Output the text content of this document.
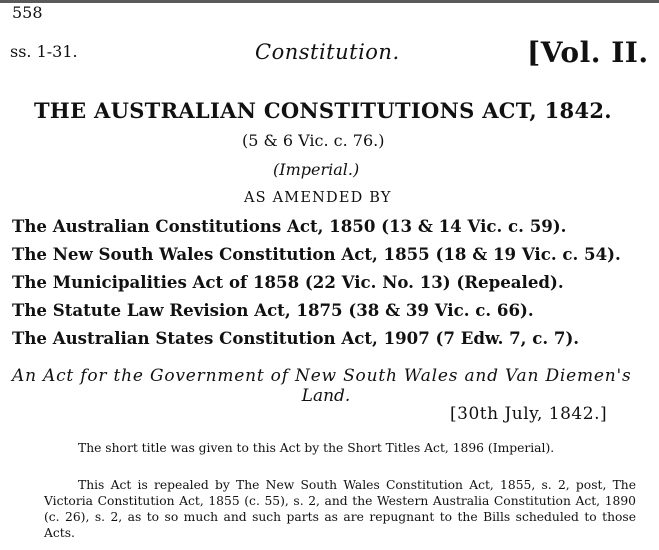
558
ss. 1-31.	Constitution.	[Vol. II.
THE AUSTRALIAN CONSTITUTIONS ACT, 1842.
(5 & 6 Vic. c. 76.)
(Imperial.)
AS AMENDED BY
The Australian Constitutions Act, 1850 (13 & 14 Vic. c. 59).
The New South Wales Constitution Act, 1855 (18 & 19 Vic. c. 54).
The Municipalities Act of 1858 (22 Vic. No. 13) (Repealed).
The Statute Law Revision Act, 1875 (38 & 39 Vic. c. 66).
The Australian States Constitution Act, 1907 (7 Edw. 7, c. 7).
An Act for the Government of New South Wales and Van Diemen's
Land.
[30th July, 1842.]
The short title was given to this Act by the Short Titles Act, 1896 (Imperial).
This Act is repealed by The New South Wales Constitution Act, 1855, s. 2, post, The Victoria Constitution Act, 1855 (c. 55), s. 2, and the Western Australia Constitution Act, 1890 (c. 26), s. 2, as to so much and such parts as are repugnant to the Bills scheduled to those Acts.
